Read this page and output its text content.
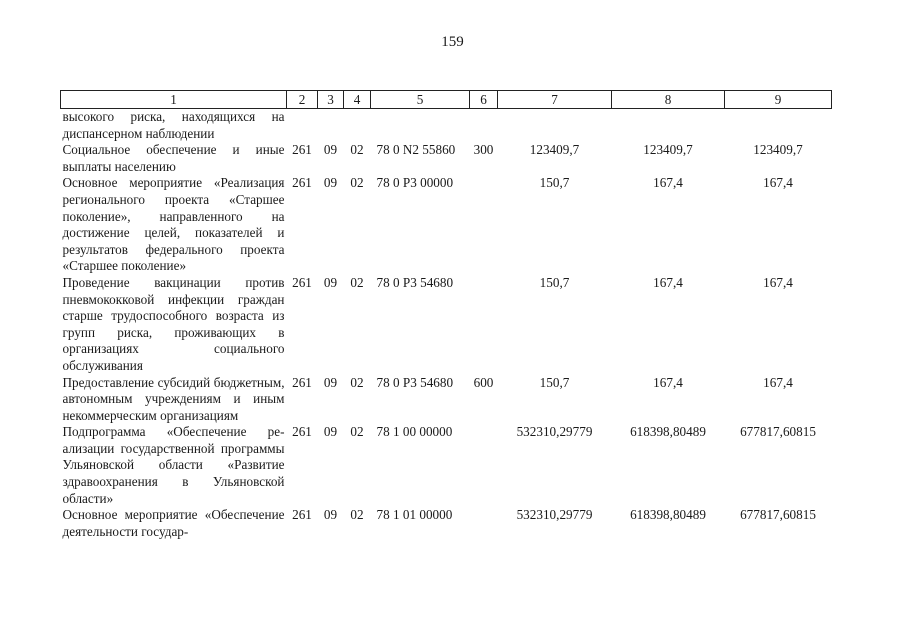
159
1	2	3	4	5	6	7	8	9
высокого риска, находящихся на диспансерном наблюдении								
Социальное обеспечение и иные выплаты населению	261	09	02	78 0 N2 55860	300	123409,7	123409,7	123409,7
Основное мероприятие «Реализация регионального проекта «Старшее поколение», направленного на достижение целей, показателей и результатов федерального проекта «Старшее поколение»	261	09	02	78 0 P3 00000		150,7	167,4	167,4
Проведение вакцинации против пневмококковой инфекции граждан старше трудоспособного возраста из групп риска, проживающих в организациях социального обслуживания	261	09	02	78 0 P3 54680		150,7	167,4	167,4
Предоставление субсидий бюджетным, автономным учреждениям и иным некоммерческим организациям	261	09	02	78 0 P3 54680	600	150,7	167,4	167,4
Подпрограмма «Обеспечение реализации государственной программы Ульяновской области «Развитие здравоохранения в Ульяновской области»	261	09	02	78 1 00 00000		532310,29779	618398,80489	677817,60815
Основное мероприятие «Обеспечение деятельности государ-	261	09	02	78 1 01 00000		532310,29779	618398,80489	677817,60815
